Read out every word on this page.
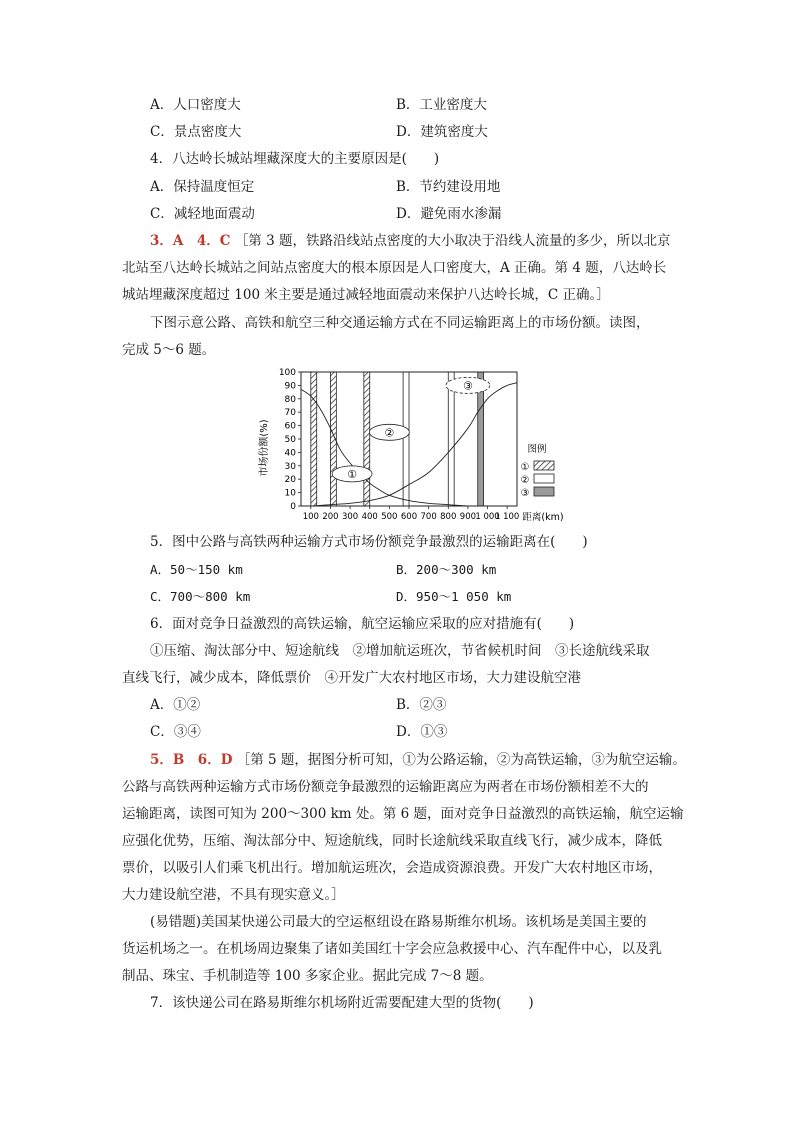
A．人口密度大	B．工业密度大
C．景点密度大	D．建筑密度大
4．八达岭长城站埋藏深度大的主要原因是(　　)
A．保持温度恒定	B．节约建设用地
C．减轻地面震动	D．避免雨水渗漏
3．A　4．C ［第 3 题，铁路沿线站点密度的大小取决于沿线人流量的多少，所以北京
北站至八达岭长城站之间站点密度大的根本原因是人口密度大，A 正确。第 4 题，八达岭长
城站埋藏深度超过 100 米主要是通过减轻地面震动来保护八达岭长城，C 正确。］
下图示意公路、高铁和航空三种交通运输方式在不同运输距离上的市场份额。读图，
完成 5～6 题。
市场份额(%)
0
10
20
30
40
50
60
70
80
90
100
100 200 300 400 500 600 700 800 900 1 000
1 100
①
②
③
距离(km)
图例
①
②
③
5．图中公路与高铁两种运输方式市场份额竞争最激烈的运输距离在(　　)
A．50～150 km	B．200～300 km
C．700～800 km	D．950～1 050 km
6．面对竞争日益激烈的高铁运输，航空运输应采取的应对措施有(　　)
①压缩、淘汰部分中、短途航线　②增加航运班次，节省候机时间　③长途航线采取
直线飞行，减少成本，降低票价　④开发广大农村地区市场，大力建设航空港
A．①②	B．②③
C．③④	D．①③
5．B　6．D ［第 5 题，据图分析可知，①为公路运输，②为高铁运输，③为航空运输。
公路与高铁两种运输方式市场份额竞争最激烈的运输距离应为两者在市场份额相差不大的
运输距离，读图可知为 200～300 km 处。第 6 题，面对竞争日益激烈的高铁运输，航空运输
应强化优势，压缩、淘汰部分中、短途航线，同时长途航线采取直线飞行，减少成本，降低
票价，以吸引人们乘飞机出行。增加航运班次，会造成资源浪费。开发广大农村地区市场，
大力建设航空港，不具有现实意义。］
(易错题)美国某快递公司最大的空运枢纽设在路易斯维尔机场。该机场是美国主要的
货运机场之一。在机场周边聚集了诸如美国红十字会应急救援中心、汽车配件中心，以及乳
制品、珠宝、手机制造等 100 多家企业。据此完成 7～8 题。
7．该快递公司在路易斯维尔机场附近需要配建大型的货物(　　)
